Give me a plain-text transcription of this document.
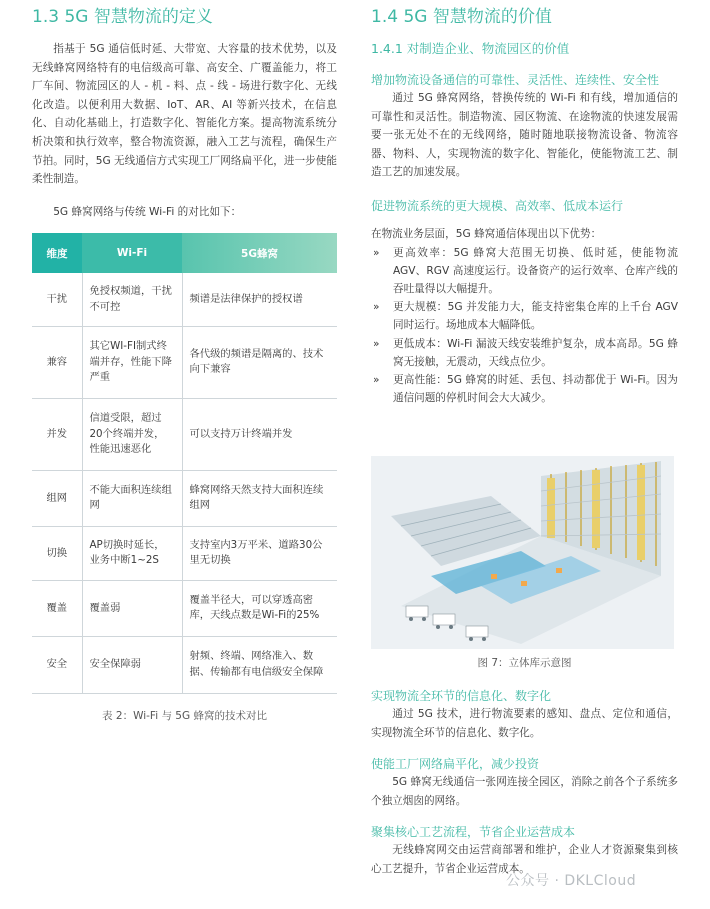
1.3 5G 智慧物流的定义

指基于 5G 通信低时延、大带宽、大容量的技术优势，以及无线蜂窝网络特有的电信级高可靠、高安全、广覆盖能力，将工厂车间、物流园区的人 - 机 - 料、点 - 线 - 场进行数字化、无线化改造。以便利用大数据、IoT、AR、AI 等新兴技术，在信息化、自动化基础上，打造数字化、智能化方案。提高物流系统分析决策和执行效率，整合物流资源，融入工艺与流程，确保生产节拍。同时，5G 无线通信方式实现工厂网络扁平化，进一步使能柔性制造。

5G 蜂窝网络与传统 Wi-Fi 的对比如下：

维度	Wi-Fi	5G蜂窝
干扰	免授权频道，干扰不可控	频谱是法律保护的授权谱
兼容	其它WI-FI制式终端并存，性能下降严重	各代级的频谱是隔离的、技术向下兼容
并发	信道受限，超过20个终端并发，性能迅速恶化	可以支持万计终端并发
组网	不能大面积连续组网	蜂窝网络天然支持大面积连续组网
切换	AP切换时延长，业务中断1~2S	支持室内3万平米、道路30公里无切换
覆盖	覆盖弱	覆盖半径大，可以穿透高密库，天线点数是Wi-Fi的25%
安全	安全保障弱	射频、终端、网络准入、数据、传输都有电信级安全保障
表 2：Wi-Fi 与 5G 蜂窝的技术对比
1.4 5G 智慧物流的价值
1.4.1 对制造企业、物流园区的价值
增加物流设备通信的可靠性、灵活性、连续性、安全性

通过 5G 蜂窝网络，替换传统的 Wi-Fi 和有线，增加通信的可靠性和灵活性。制造物流、园区物流、在途物流的快速发展需要一张无处不在的无线网络，随时随地联接物流设备、物流容器、物料、人，实现物流的数字化、智能化，使能物流工艺、制造工艺的加速发展。

促进物流系统的更大规模、高效率、低成本运行

在物流业务层面，5G 蜂窝通信体现出以下优势：

» 更高效率：5G 蜂窝大范围无切换、低时延，使能物流 AGV、RGV 高速度运行。设备资产的运行效率、仓库产线的吞吐量得以大幅提升。
» 更大规模：5G 并发能力大，能支持密集仓库的上千台 AGV 同时运行。场地成本大幅降低。
» 更低成本：Wi-Fi 漏波天线安装维护复杂，成本高昂。5G 蜂窝无接触，无震动，天线点位少。
» 更高性能：5G 蜂窝的时延、丢包、抖动都优于 Wi-Fi。因为通信问题的停机时间会大大减少。
图 7：立体库示意图
实现物流全环节的信息化、数字化

通过 5G 技术，进行物流要素的感知、盘点、定位和通信，实现物流全环节的信息化、数字化。

使能工厂网络扁平化，减少投资

5G 蜂窝无线通信一张网连接全园区，消除之前各个子系统多个独立烟囱的网络。

聚集核心工艺流程，节省企业运营成本

无线蜂窝网交由运营商部署和维护，企业人才资源聚集到核心工艺提升，节省企业运营成本。

公众号 · DKLCloud
